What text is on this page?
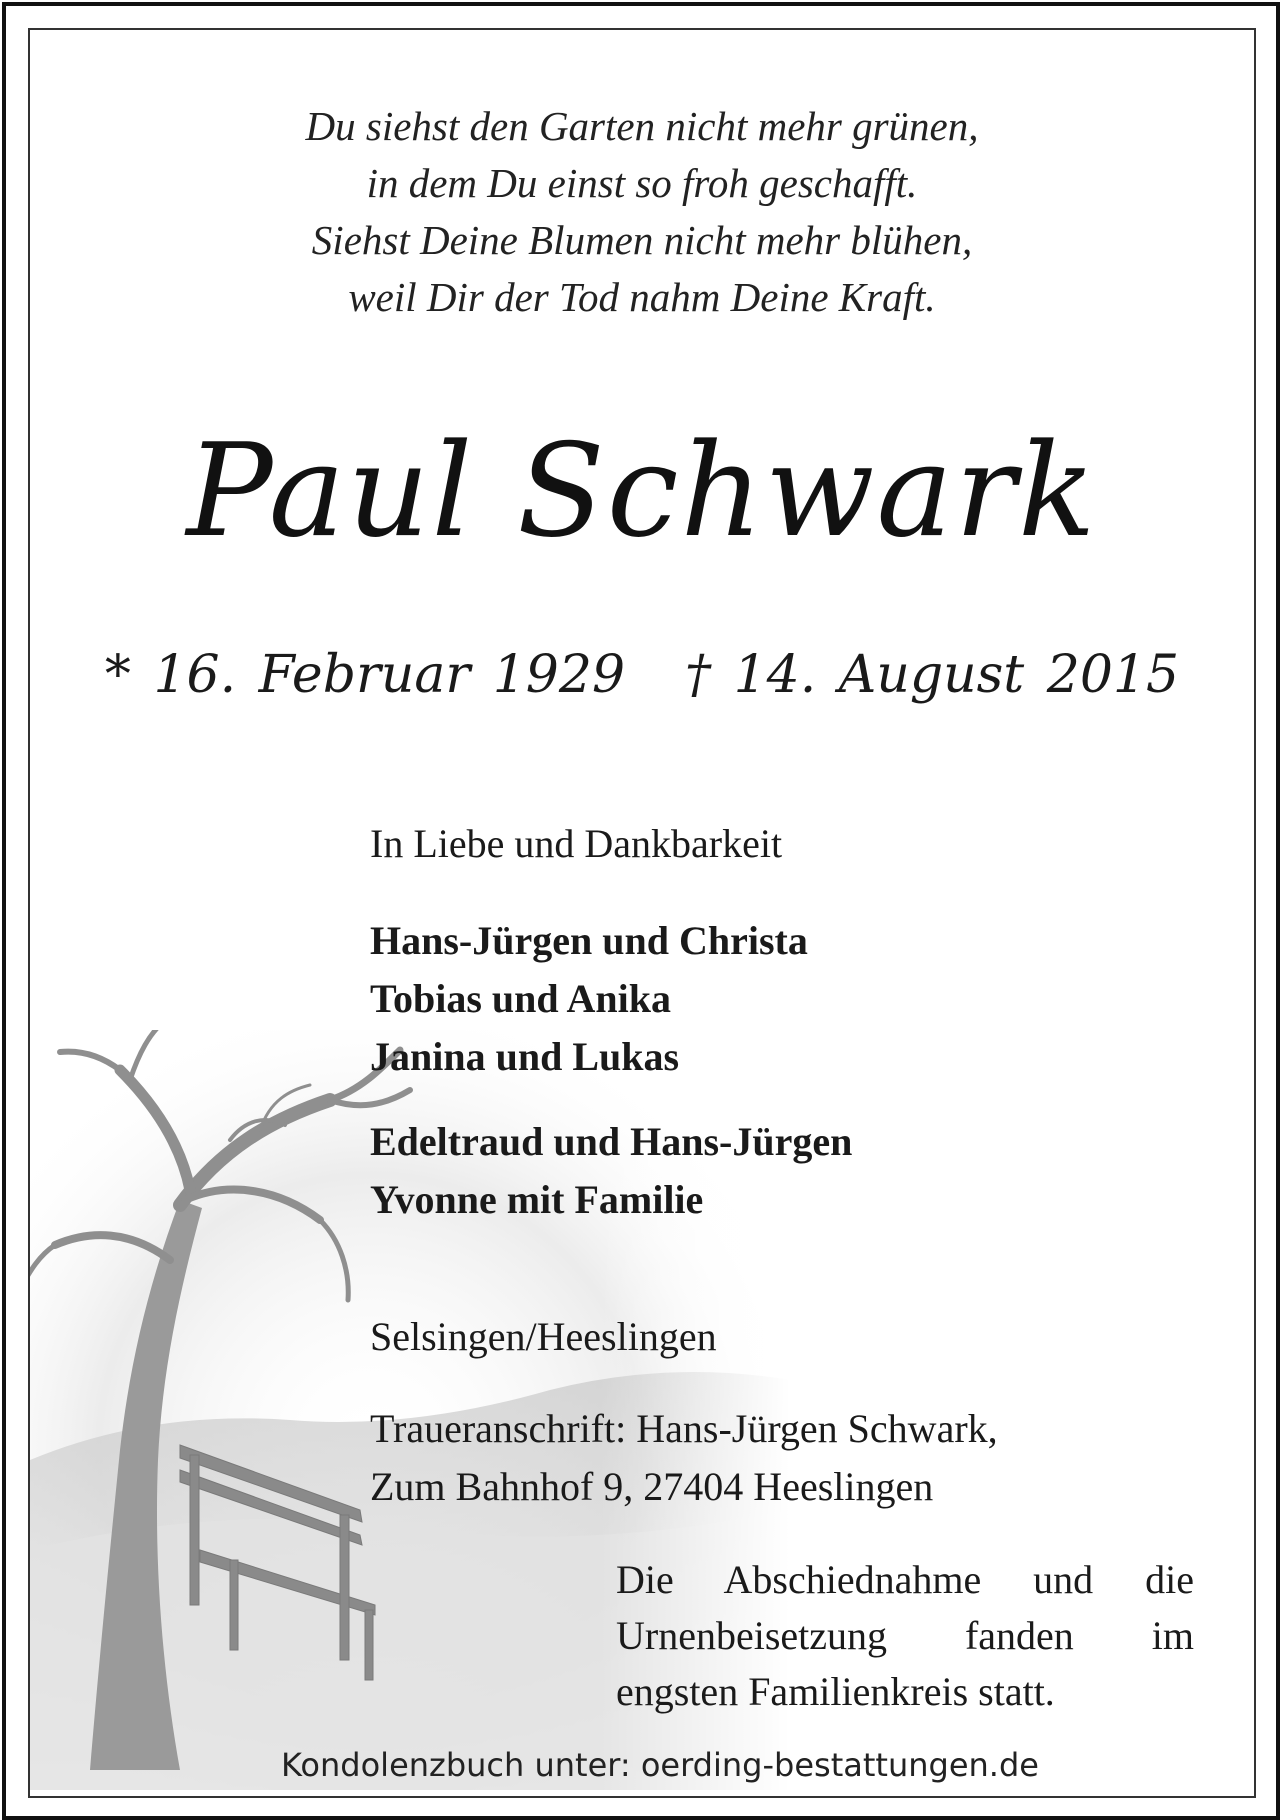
Du siehst den Garten nicht mehr grünen,
in dem Du einst so froh geschafft.
Siehst Deine Blumen nicht mehr blühen,
weil Dir der Tod nahm Deine Kraft.
Paul Schwark
* 16. Februar 1929 † 14. August 2015
In Liebe und Dankbarkeit
Hans-Jürgen und Christa
Tobias und Anika
Janina und Lukas
Edeltraud und Hans-Jürgen
Yvonne mit Familie
Selsingen/Heeslingen
Traueranschrift: Hans-Jürgen Schwark,
Zum Bahnhof 9, 27404 Heeslingen
Die Abschiednahme und die
Urnenbeisetzung fanden im
engsten Familienkreis statt.
Kondolenzbuch unter: oerding-bestattungen.de
